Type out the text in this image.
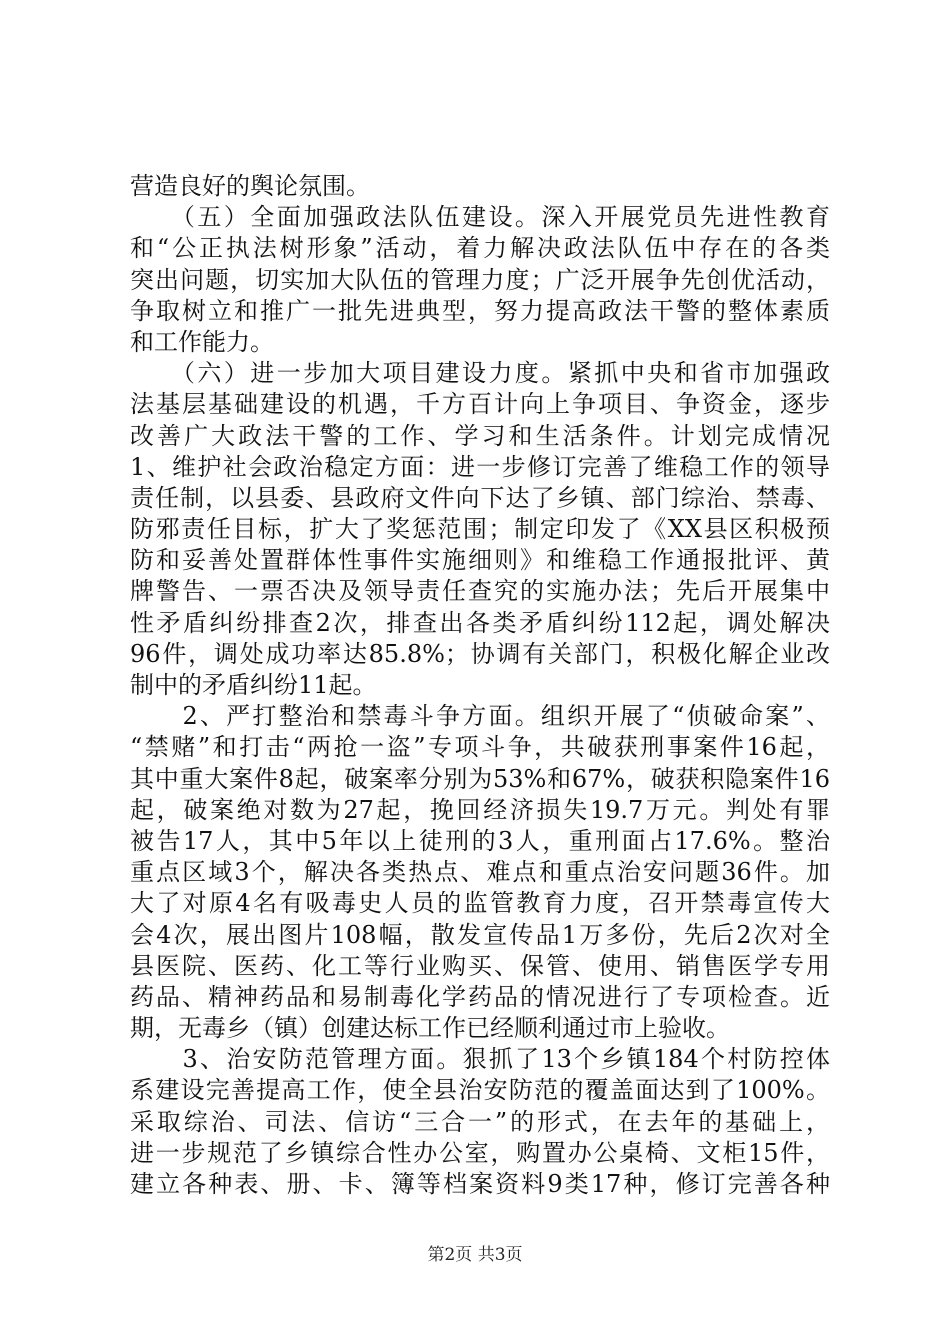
营造良好的舆论氛围。
　　（五）全面加强政法队伍建设。深入开展党员先进性教育
和“公正执法树形象”活动，着力解决政法队伍中存在的各类
突出问题，切实加大队伍的管理力度；广泛开展争先创优活动，
争取树立和推广一批先进典型，努力提高政法干警的整体素质
和工作能力。
　　（六）进一步加大项目建设力度。紧抓中央和省市加强政
法基层基础建设的机遇，千方百计向上争项目、争资金，逐步
改善广大政法干警的工作、学习和生活条件。计划完成情况
1、维护社会政治稳定方面：进一步修订完善了维稳工作的领导
责任制，以县委、县政府文件向下达了乡镇、部门综治、禁毒、
防邪责任目标，扩大了奖惩范围；制定印发了《XX县区积极预
防和妥善处置群体性事件实施细则》和维稳工作通报批评、黄
牌警告、一票否决及领导责任查究的实施办法；先后开展集中
性矛盾纠纷排查2次，排查出各类矛盾纠纷112起，调处解决
96件，调处成功率达85.8%；协调有关部门，积极化解企业改
制中的矛盾纠纷11起。
　　2、严打整治和禁毒斗争方面。组织开展了“侦破命案”、
“禁赌”和打击“两抢一盗”专项斗争，共破获刑事案件16起，
其中重大案件8起，破案率分别为53%和67%，破获积隐案件16
起，破案绝对数为27起，挽回经济损失19.7万元。判处有罪
被告17人，其中5年以上徒刑的3人，重刑面占17.6%。整治
重点区域3个，解决各类热点、难点和重点治安问题36件。加
大了对原4名有吸毒史人员的监管教育力度，召开禁毒宣传大
会4次，展出图片108幅，散发宣传品1万多份，先后2次对全
县医院、医药、化工等行业购买、保管、使用、销售医学专用
药品、精神药品和易制毒化学药品的情况进行了专项检查。近
期，无毒乡（镇）创建达标工作已经顺利通过市上验收。
　　3、治安防范管理方面。狠抓了13个乡镇184个村防控体
系建设完善提高工作，使全县治安防范的覆盖面达到了100%。
采取综治、司法、信访“三合一”的形式，在去年的基础上，
进一步规范了乡镇综合性办公室，购置办公桌椅、文柜15件，
建立各种表、册、卡、簿等档案资料9类17种，修订完善各种
第2页 共3页
